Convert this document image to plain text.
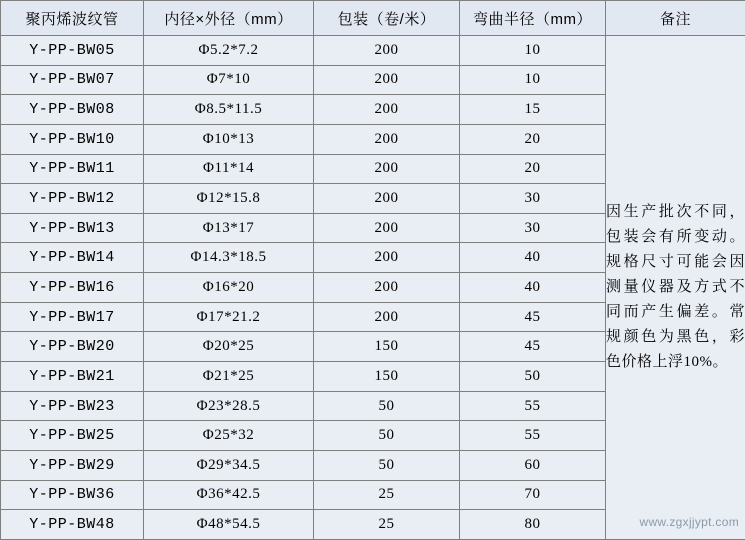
聚丙烯波纹管	内径×外径（mm）	包装（卷/米）	弯曲半径（mm）	备注
Y-PP-BW05	Φ5.2*7.2	200	10	因生产批次不同，包装会有所变动。规格尺寸可能会因测量仪器及方式不同而产生偏差。常规颜色为黑色，彩色价格上浮10%。
www.zgxjjypt.com

Y-PP-BW07	Φ7*10	200	10	
Y-PP-BW08	Φ8.5*11.5	200	15	
Y-PP-BW10	Φ10*13	200	20	
Y-PP-BW11	Φ11*14	200	20	
Y-PP-BW12	Φ12*15.8	200	30	
Y-PP-BW13	Φ13*17	200	30	
Y-PP-BW14	Φ14.3*18.5	200	40	
Y-PP-BW16	Φ16*20	200	40	
Y-PP-BW17	Φ17*21.2	200	45	
Y-PP-BW20	Φ20*25	150	45	
Y-PP-BW21	Φ21*25	150	50	
Y-PP-BW23	Φ23*28.5	50	55	
Y-PP-BW25	Φ25*32	50	55	
Y-PP-BW29	Φ29*34.5	50	60	
Y-PP-BW36	Φ36*42.5	25	70	
Y-PP-BW48	Φ48*54.5	25	80	
